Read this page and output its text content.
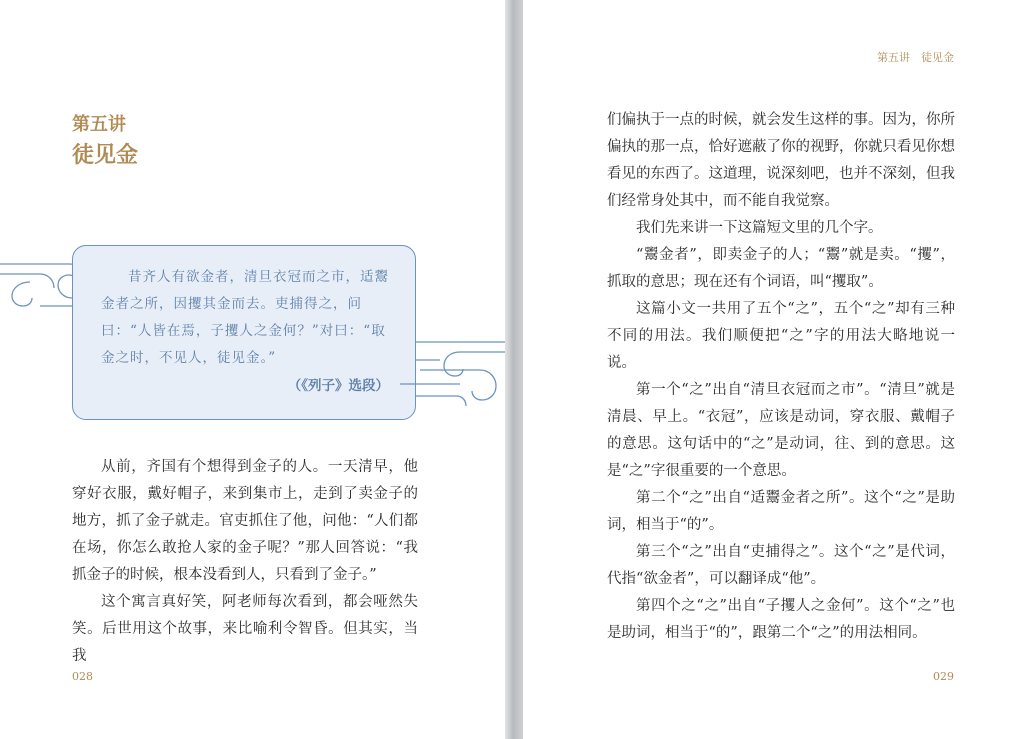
第五讲
徒见金

昔齐人有欲金者，清旦衣冠而之市，适鬻金者之所，因攫其金而去。吏捕得之，问曰：“人皆在焉，子攫人之金何？”对曰：“取金之时，不见人，徒见金。”

（《列子》选段）

从前，齐国有个想得到金子的人。一天清早，他穿好衣服，戴好帽子，来到集市上，走到了卖金子的地方，抓了金子就走。官吏抓住了他，问他：“人们都在场，你怎么敢抢人家的金子呢？”那人回答说：“我抓金子的时候，根本没看到人，只看到了金子。”

这个寓言真好笑，阿老师每次看到，都会哑然失笑。后世用这个故事，来比喻利令智昏。但其实，当我

028
第五讲　徒见金

们偏执于一点的时候，就会发生这样的事。因为，你所偏执的那一点，恰好遮蔽了你的视野，你就只看见你想看见的东西了。这道理，说深刻吧，也并不深刻，但我们经常身处其中，而不能自我觉察。

我们先来讲一下这篇短文里的几个字。

“鬻金者”，即卖金子的人；“鬻”就是卖。“攫”，抓取的意思；现在还有个词语，叫“攫取”。

这篇小文一共用了五个“之”，五个“之”却有三种不同的用法。我们顺便把“之”字的用法大略地说一说。

第一个“之”出自“清旦衣冠而之市”。“清旦”就是清晨、早上。“衣冠”，应该是动词，穿衣服、戴帽子的意思。这句话中的“之”是动词，往、到的意思。这是“之”字很重要的一个意思。

第二个“之”出自“适鬻金者之所”。这个“之”是助词，相当于“的”。

第三个“之”出自“吏捕得之”。这个“之”是代词，代指“欲金者”，可以翻译成“他”。

第四个之“之”出自“子攫人之金何”。这个“之”也是助词，相当于“的”，跟第二个“之”的用法相同。

029
